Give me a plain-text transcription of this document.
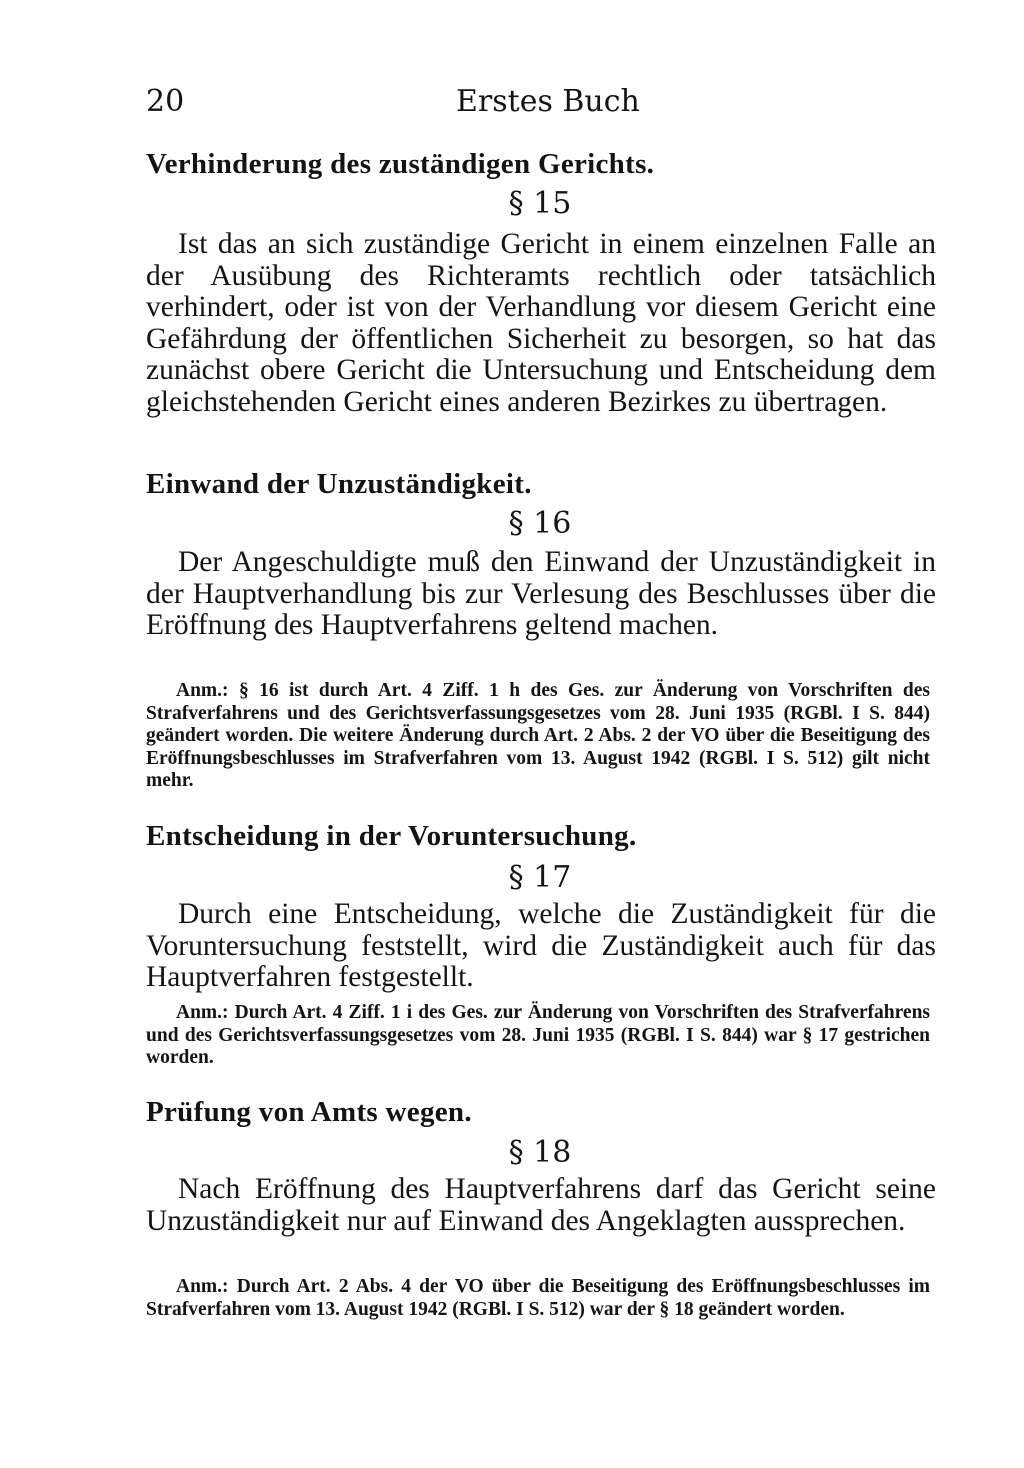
20	Erstes Buch
Verhinderung des zuständigen Gerichts.
§ 15

Ist das an sich zuständige Gericht in einem einzelnen Falle an der Ausübung des Richteramts rechtlich oder tatsächlich verhindert, oder ist von der Verhandlung vor diesem Gericht eine Gefährdung der öffentlichen Sicherheit zu besorgen, so hat das zunächst obere Gericht die Untersuchung und Entscheidung dem gleichstehenden Gericht eines anderen Bezirkes zu übertragen.

Einwand der Unzuständigkeit.
§ 16

Der Angeschuldigte muß den Einwand der Unzuständigkeit in der Hauptverhandlung bis zur Verlesung des Beschlusses über die Eröffnung des Hauptverfahrens geltend machen.

Anm.: § 16 ist durch Art. 4 Ziff. 1 h des Ges. zur Änderung von Vorschriften des Strafverfahrens und des Gerichtsverfassungsgesetzes vom 28. Juni 1935 (RGBl. I S. 844) geändert worden. Die weitere Änderung durch Art. 2 Abs. 2 der VO über die Beseitigung des Eröffnungsbeschlusses im Strafverfahren vom 13. August 1942 (RGBl. I S. 512) gilt nicht mehr.

Entscheidung in der Voruntersuchung.
§ 17

Durch eine Entscheidung, welche die Zuständigkeit für die Voruntersuchung feststellt, wird die Zuständigkeit auch für das Hauptverfahren festgestellt.

Anm.: Durch Art. 4 Ziff. 1 i des Ges. zur Änderung von Vorschriften des Strafverfahrens und des Gerichtsverfassungsgesetzes vom 28. Juni 1935 (RGBl. I S. 844) war § 17 gestrichen worden.

Prüfung von Amts wegen.
§ 18

Nach Eröffnung des Hauptverfahrens darf das Gericht seine Unzuständigkeit nur auf Einwand des Angeklagten aussprechen.

Anm.: Durch Art. 2 Abs. 4 der VO über die Beseitigung des Eröffnungsbeschlusses im Strafverfahren vom 13. August 1942 (RGBl. I S. 512) war der § 18 geändert worden.
